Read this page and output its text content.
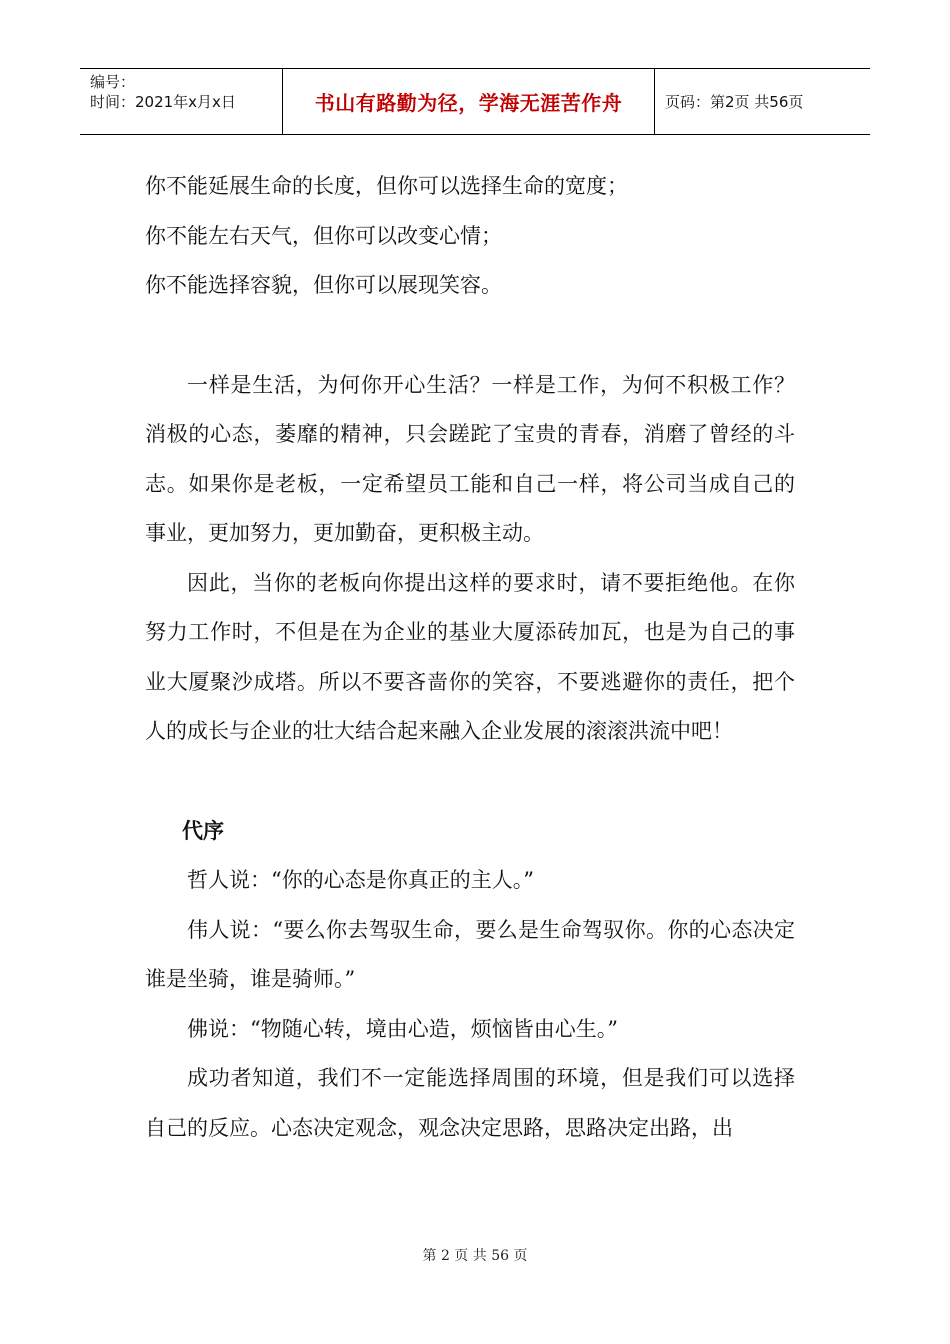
编号：
时间：2021年x月x日	书山有路勤为径，学海无涯苦作舟	页码：第2页 共56页

你不能延展生命的长度，但你可以选择生命的宽度；

你不能左右天气，但你可以改变心情；

你不能选择容貌，但你可以展现笑容。

一样是生活，为何你开心生活？一样是工作，为何不积极工作？消极的心态，萎靡的精神，只会蹉跎了宝贵的青春，消磨了曾经的斗志。如果你是老板，一定希望员工能和自己一样，将公司当成自己的事业，更加努力，更加勤奋，更积极主动。

因此，当你的老板向你提出这样的要求时，请不要拒绝他。在你努力工作时，不但是在为企业的基业大厦添砖加瓦，也是为自己的事业大厦聚沙成塔。所以不要吝啬你的笑容，不要逃避你的责任，把个人的成长与企业的壮大结合起来融入企业发展的滚滚洪流中吧！

代序

哲人说：“你的心态是你真正的主人。”

伟人说：“要么你去驾驭生命，要么是生命驾驭你。你的心态决定谁是坐骑，谁是骑师。”

佛说：“物随心转，境由心造，烦恼皆由心生。”

成功者知道，我们不一定能选择周围的环境，但是我们可以选择自己的反应。心态决定观念，观念决定思路，思路决定出路，出

第 2 页 共 56 页
